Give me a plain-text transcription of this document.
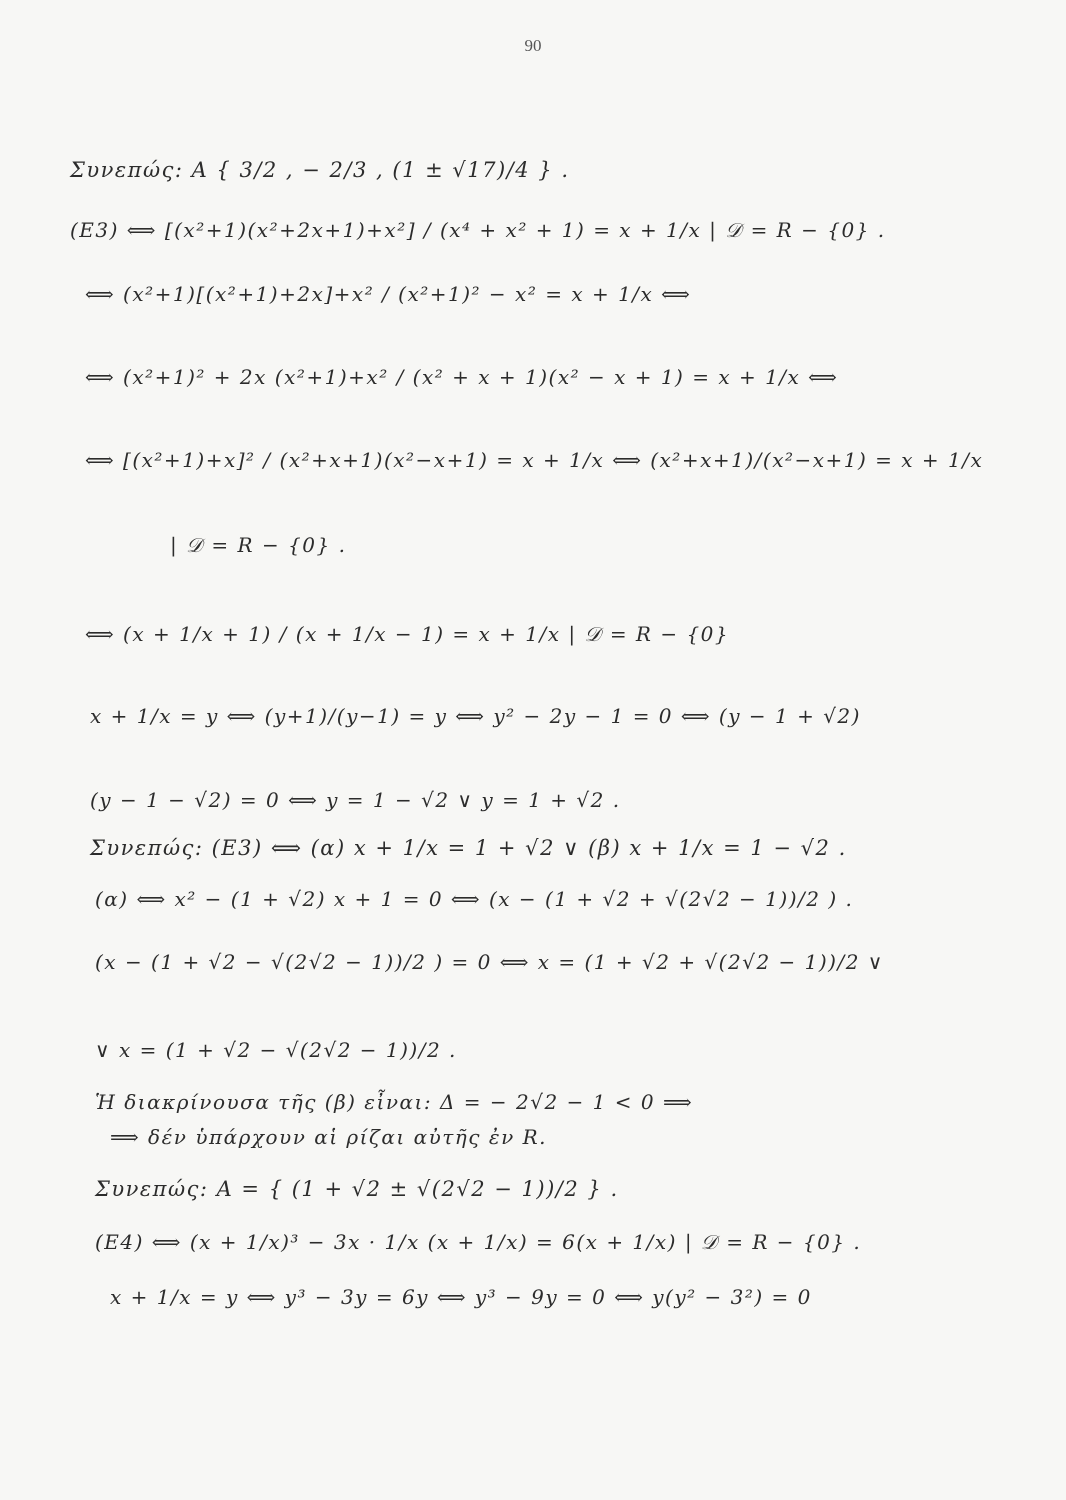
90
Συνεπώς: A { 3/2 , − 2/3 , (1 ± √17)/4 } .
(Ε3) ⟺ [(x²+1)(x²+2x+1)+x²] / (x⁴ + x² + 1) = x + 1/x | 𝒟 = R − {0} .
⟺ (x²+1)[(x²+1)+2x]+x² / (x²+1)² − x² = x + 1/x ⟺
⟺ (x²+1)² + 2x (x²+1)+x² / (x² + x + 1)(x² − x + 1) = x + 1/x ⟺
⟺ [(x²+1)+x]² / (x²+x+1)(x²−x+1) = x + 1/x ⟺ (x²+x+1)/(x²−x+1) = x + 1/x
| 𝒟 = R − {0} .
⟺ (x + 1/x + 1) / (x + 1/x − 1) = x + 1/x | 𝒟 = R − {0}
x + 1/x = y ⟺ (y+1)/(y−1) = y ⟺ y² − 2y − 1 = 0 ⟺ (y − 1 + √2)
(y − 1 − √2) = 0 ⟺ y = 1 − √2 ∨ y = 1 + √2 .
Συνεπώς: (Ε3) ⟺ (α) x + 1/x = 1 + √2 ∨ (β) x + 1/x = 1 − √2 .
(α) ⟺ x² − (1 + √2) x + 1 = 0 ⟺ (x − (1 + √2 + √(2√2 − 1))/2 ) .
(x − (1 + √2 − √(2√2 − 1))/2 ) = 0 ⟺ x = (1 + √2 + √(2√2 − 1))/2 ∨
∨ x = (1 + √2 − √(2√2 − 1))/2 .
Ἡ διακρίνουσα τῆς (β) εἶναι: Δ = − 2√2 − 1 < 0 ⟹
⟹ δέν ὑπάρχουν αἱ ρίζαι αὐτῆς ἐν R.
Συνεπώς: A = { (1 + √2 ± √(2√2 − 1))/2 } .
(Ε4) ⟺ (x + 1/x)³ − 3x · 1/x (x + 1/x) = 6(x + 1/x) | 𝒟 = R − {0} .
x + 1/x = y ⟺ y³ − 3y = 6y ⟺ y³ − 9y = 0 ⟺ y(y² − 3²) = 0
